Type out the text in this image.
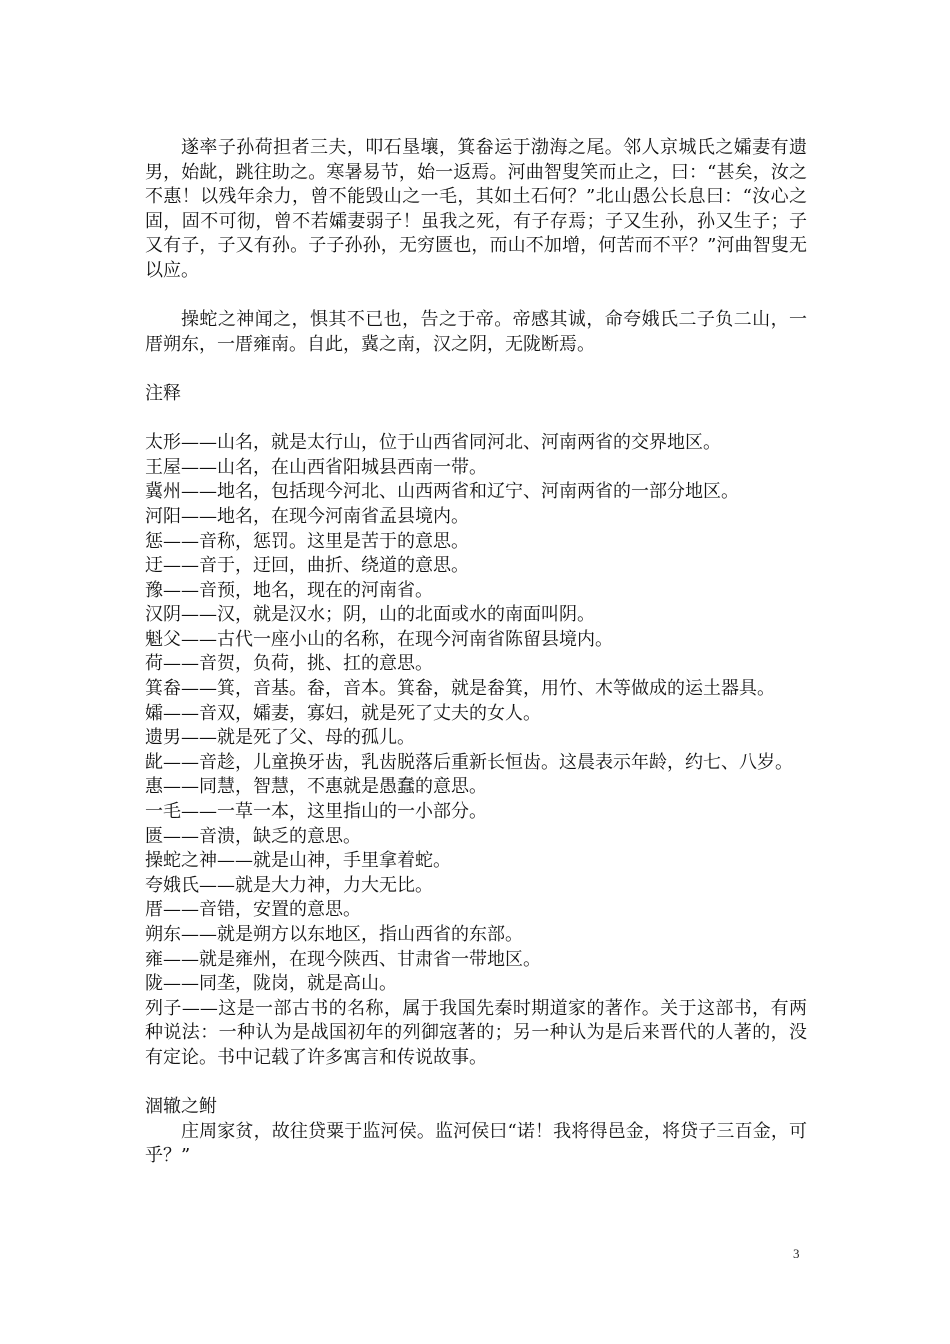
遂率子孙荷担者三夫，叩石垦壤，箕畚运于渤海之尾。邻人京城氏之孀妻有遗男，始龀，跳往助之。寒暑易节，始一返焉。河曲智叟笑而止之，曰：“甚矣，汝之不惠！以残年余力，曾不能毁山之一毛，其如土石何？”北山愚公长息曰：“汝心之固，固不可彻，曾不若孀妻弱子！虽我之死，有子存焉；子又生孙，孙又生子；子又有子，子又有孙。子子孙孙，无穷匮也，而山不加增，何苦而不平？”河曲智叟无以应。

操蛇之神闻之，惧其不已也，告之于帝。帝感其诚，命夸娥氏二子负二山，一厝朔东，一厝雍南。自此，冀之南，汉之阴，无陇断焉。

注释

太形——山名，就是太行山，位于山西省同河北、河南两省的交界地区。

王屋——山名，在山西省阳城县西南一带。

冀州——地名，包括现今河北、山西两省和辽宁、河南两省的一部分地区。

河阳——地名，在现今河南省孟县境内。

惩——音称，惩罚。这里是苦于的意思。

迂——音于，迂回，曲折、绕道的意思。

豫——音预，地名，现在的河南省。

汉阴——汉，就是汉水；阴，山的北面或水的南面叫阴。

魁父——古代一座小山的名称，在现今河南省陈留县境内。

荷——音贺，负荷，挑、扛的意思。

箕畚——箕，音基。畚，音本。箕畚，就是畚箕，用竹、木等做成的运土器具。

孀——音双，孀妻，寡妇，就是死了丈夫的女人。

遗男——就是死了父、母的孤儿。

龀——音趁，儿童换牙齿，乳齿脱落后重新长恒齿。这晨表示年龄，约七、八岁。

惠——同慧，智慧，不惠就是愚蠢的意思。

一毛——一草一本，这里指山的一小部分。

匮——音溃，缺乏的意思。

操蛇之神——就是山神，手里拿着蛇。

夸娥氏——就是大力神，力大无比。

厝——音错，安置的意思。

朔东——就是朔方以东地区，指山西省的东部。

雍——就是雍州，在现今陕西、甘肃省一带地区。

陇——同垄，陇岗，就是高山。

列子——这是一部古书的名称，属于我国先秦时期道家的著作。关于这部书，有两种说法：一种认为是战国初年的列御寇著的；另一种认为是后来晋代的人著的，没有定论。书中记载了许多寓言和传说故事。

涸辙之鲋

庄周家贫，故往贷粟于监河侯。监河侯曰“诺！我将得邑金，将贷子三百金，可乎？”

3
